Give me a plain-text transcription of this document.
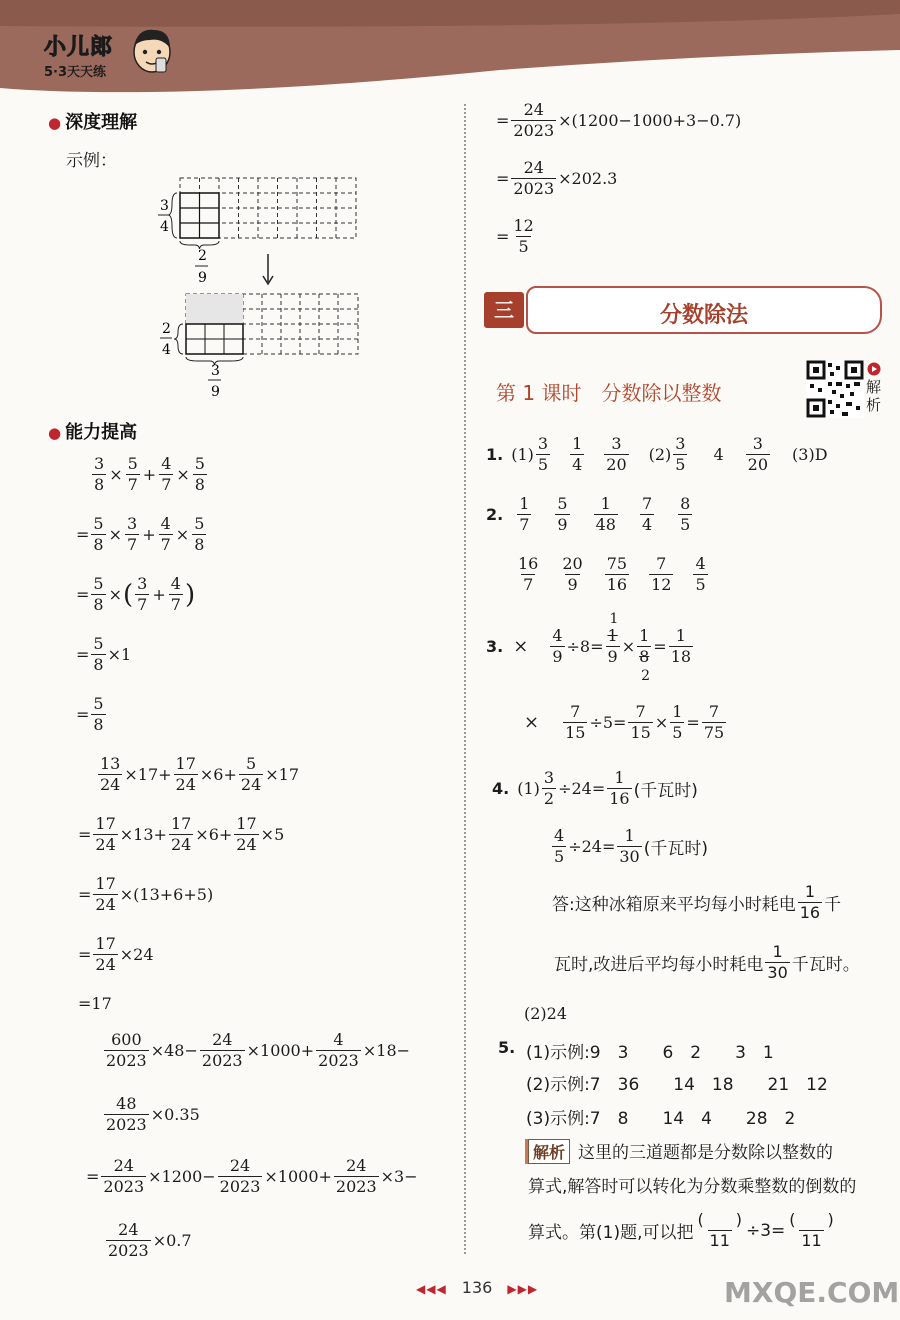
小儿郎
5·3天天练
● 深度理解
示例：
3
4
2
9
2
4
3
9
● 能力提高
$\frac{3}{8} \times \frac{5}{7} + \frac{4}{7} \times \frac{5}{8}$
= $\frac{5}{8} \times \frac{3}{7} + \frac{4}{7} \times \frac{5}{8}$
= $\frac{5}{8}$ × ( $\frac{3}{7} + \frac{4}{7}$ )
= $\frac{5}{8} \times 1$
= $\frac{5}{8}$
$\frac{13}{24} \times 17+ \frac{17}{24} \times 6+ \frac{5}{24} \times 17$
= $\frac{17}{24} \times 13+ \frac{17}{24} \times 6+ \frac{17}{24} \times 5$
= $\frac{17}{24} \times(13+6+5)$
= $\frac{17}{24} \times 24$
=17
$\frac{600}{2023} \times 48- \frac{24}{2023} \times 1000+ \frac{4}{2023} \times 18-$
$\frac{48}{2023} \times 0.35$
= $\frac{24}{2023} \times 1200- \frac{24}{2023} \times 1000+ \frac{24}{2023} \times 3-$
$\frac{24}{2023} \times 0.7$
= $\frac{24}{2023} \times(1200-1000+3-0.7)$
= $\frac{24}{2023} \times 202.3$
= $\frac{12}{5}$
三	分数除法
第 1 课时　分数除以整数	解析
1. $(1) \frac{3}{5} \frac{1}{4} \frac{3}{20} (2) \frac{3}{5} 4 \frac{3}{20} (3)D$
2. $\frac{1}{7} \frac{5}{9} \frac{1}{48} \frac{7}{4} \frac{8}{5}$
$\frac{16}{7} \frac{20}{9} \frac{75}{16} \frac{7}{12} \frac{4}{5}$
3. × $\frac{4}{9} \div 8=$
1
1
9
×
1
8
2
= $\frac{1}{18}$
× $\frac{7}{15} \div 5= \frac{7}{15} \times \frac{1}{5} = \frac{7}{75}$
4. $(1) \frac{3}{2} \div 24= \frac{1}{16}$ (千瓦时)
$\frac{4}{5} \div 24= \frac{1}{30}$ (千瓦时)
答:这种冰箱原来平均每小时耗电 $\frac{1}{16}$ 千
瓦时,改进后平均每小时耗电 $\frac{1}{30}$ 千瓦时。
(2)24
5. (1)示例:9　3　　6　2　　3　1
(2)示例:7　36　　14　18　　21　12
(3)示例:7　8　　14　4　　28　2
解析 这里的三道题都是分数除以整数的
算式,解答时可以转化为分数乘整数的倒数的
算式。第(1)题,可以把 $\frac{( )}{11} \div 3= \frac{( )}{11}$
◀◀◀ 136 ▶▶▶	MXQE.COM
